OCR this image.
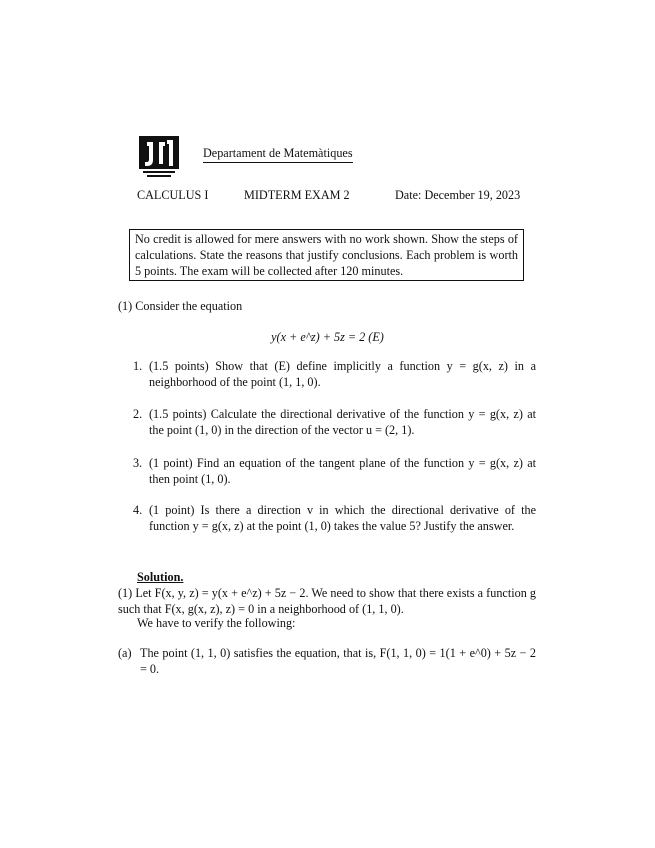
Departament de Matemàtiques
CALCULUS I	MIDTERM EXAM 2	Date: December 19, 2023
No credit is allowed for mere answers with no work shown. Show the steps of calculations. State the reasons that justify conclusions. Each problem is worth 5 points. The exam will be collected after 120 minutes.
(1) Consider the equation
y(x + e^z) + 5z = 2 (E)
1. (1.5 points) Show that (E) define implicitly a function y = g(x, z) in a neighborhood of the point (1, 1, 0).
2. (1.5 points) Calculate the directional derivative of the function y = g(x, z) at the point (1, 0) in the direction of the vector u = (2, 1).
3. (1 point) Find an equation of the tangent plane of the function y = g(x, z) at then point (1, 0).
4. (1 point) Is there a direction v in which the directional derivative of the function y = g(x, z) at the point (1, 0) takes the value 5? Justify the answer.
Solution.
(1) Let F(x, y, z) = y(x + e^z) + 5z − 2. We need to show that there exists a function g such that F(x, g(x, z), z) = 0 in a neighborhood of (1, 1, 0).
We have to verify the following:
(a) The point (1, 1, 0) satisfies the equation, that is, F(1, 1, 0) = 1(1 + e^0) + 5z − 2 = 0.
